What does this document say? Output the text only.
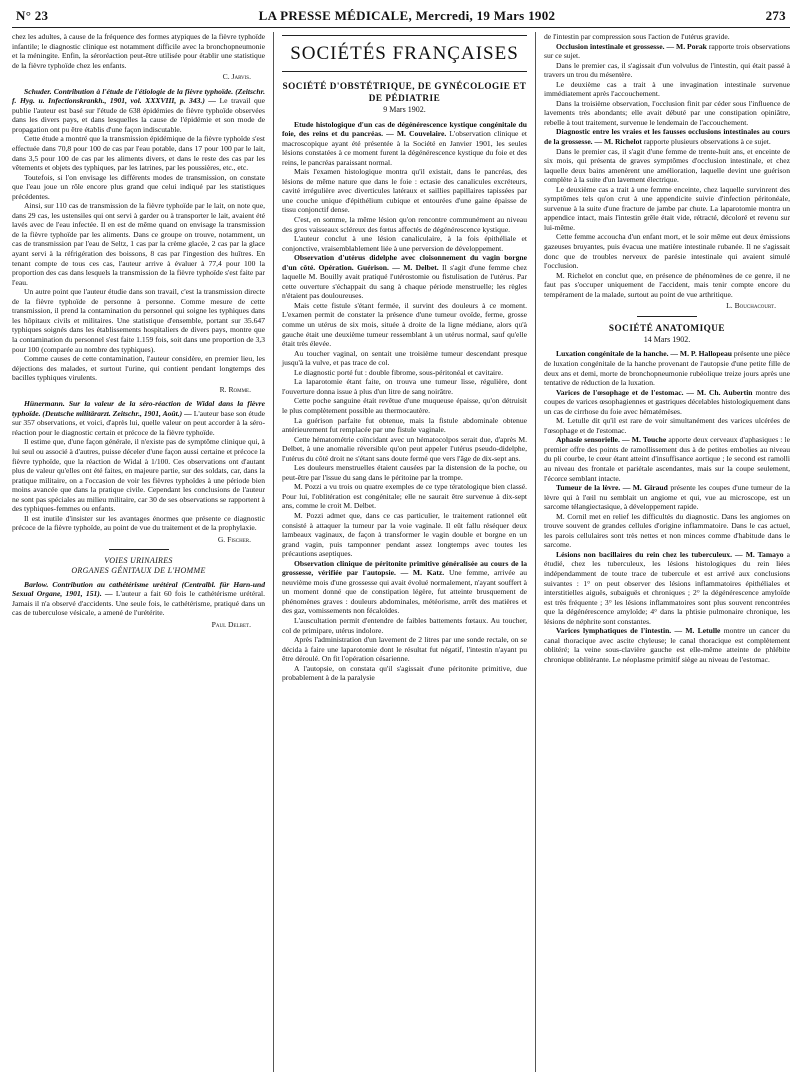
N° 23	LA PRESSE MÉDICALE, Mercredi, 19 Mars 1902	273

chez les adultes, à cause de la fréquence des formes atypiques de la fièvre typhoïde infantile; le diagnostic clinique est notamment difficile avec la bronchopneumonie et la méningite. Enfin, la séroréaction peut-être utilisée pour établir une statistique de la fièvre typhoïde chez les enfants.

C. Jarvis.

Schuder. Contribution à l'étude de l'étiologie de la fièvre typhoïde. (Zeitschr. f. Hyg. u. Infectionskrankh., 1901, vol. XXXVIII, p. 343.) — Le travail que publie l'auteur est basé sur l'étude de 638 épidémies de fièvre typhoïde observées dans les divers pays, et dans lesquelles la cause de l'épidémie et son mode de propagation ont pu être établis d'une façon indiscutable.

Cette étude a montré que la transmission épidémique de la fièvre typhoïde s'est effectuée dans 70,8 pour 100 de cas par l'eau potable, dans 17 pour 100 par le lait, dans 3,5 pour 100 de cas par les aliments divers, et dans le reste des cas par les vêtements et objets des typhiques, par les latrines, par les poussières, etc., etc.

Toutefois, si l'on envisage les différents modes de transmission, on constate que l'eau joue un rôle encore plus grand que celui indiqué par les statistiques précédentes.

Ainsi, sur 110 cas de transmission de la fièvre typhoïde par le lait, on note que, dans 29 cas, les ustensiles qui ont servi à garder ou à transporter le lait, avaient été lavés avec de l'eau infectée. Il en est de même quand on envisage la transmission de la fièvre typhoïde par les aliments. Dans ce groupe on trouve, notamment, un cas de transmission par l'eau de Seltz, 1 cas par la crème glacée, 2 cas par la glace ayant servi à la réfrigération des boissons, 8 cas par l'ingestion des huîtres. En tenant compte de tous ces cas, l'auteur arrive à évaluer à 77,4 pour 100 la proportion des cas dans lesquels la transmission de la fièvre typhoïde s'est faite par l'eau.

Un autre point que l'auteur étudie dans son travail, c'est la transmission directe de la fièvre typhoïde de personne à personne. Comme mesure de cette transmission, il prend la contamination du personnel qui soigne les typhiques dans les hôpitaux civils et militaires. Une statistique d'ensemble, portant sur 35.647 typhiques soignés dans les établissements hospitaliers de divers pays, montre que la contamination du personnel s'est faite 1.159 fois, soit dans une proportion de 3,3 pour 100 (comparée au nombre des typhiques).

Comme causes de cette contamination, l'auteur considère, en premier lieu, les déjections des malades, et surtout l'urine, qui contient pendant longtemps des bacilles typhiques virulents.

R. Romme.

Hünermann. Sur la valeur de la séro-réaction de Widal dans la fièvre typhoïde. (Deutsche militärarzt. Zeitschr., 1901, Août.) — L'auteur base son étude sur 357 observations, et voici, d'après lui, quelle valeur on peut accorder à la séro-réaction pour le diagnostic certain et précoce de la fièvre typhoïde.

Il estime que, d'une façon générale, il n'existe pas de symptôme clinique qui, à lui seul ou associé à d'autres, puisse déceler d'une façon aussi certaine et précoce la fièvre typhoïde, que la réaction de Widal à 1/100. Ces observations ont d'autant plus de valeur qu'elles ont été faites, en majeure partie, sur des soldats, car, dans la pratique militaire, on a l'occasion de voir les fièvres typhoïdes à une période bien moins avancée que dans la pratique civile. Cependant les conclusions de l'auteur ne sont pas spéciales au milieu militaire, car 30 de ses observations se rapportent à des typhiques-femmes ou enfants.

Il est inutile d'insister sur les avantages énormes que présente ce diagnostic précoce de la fièvre typhoïde, au point de vue du traitement et de la prophylaxie.

G. Fischer.
VOIES URINAIRES
ORGANES GÉNITAUX DE L'HOMME

Barlow. Contribution au cathétérisme urétéral (Centralbl. für Harn-und Sexual Organe, 1901, 151). — L'auteur a fait 60 fois le cathétérisme urétéral. Jamais il n'a observé d'accidents. Une seule fois, le cathétérisme, pratiqué dans un cas de tuberculose vésicale, a amené de l'urétérite.

Paul Delbet.
SOCIÉTÉS FRANÇAISES
SOCIÉTÉ D'OBSTÉTRIQUE, DE GYNÉCOLOGIE ET DE PÉDIATRIE
9 Mars 1902.

Etude histologique d'un cas de dégénérescence kystique congénitale du foie, des reins et du pancréas. — M. Couvelaire. L'observation clinique et macroscopique ayant été présentée à la Société en Janvier 1901, les seules lésions constatées à ce moment furent la dégénérescence kystique du foie et des reins, le pancréas paraissant normal.

Mais l'examen histologique montra qu'il existait, dans le pancréas, des lésions de même nature que dans le foie : ectasie des canalicules excréteurs, cavité irrégulière avec diverticules latéraux et saillies papillaires tapissées par une couche unique d'épithélium cubique et entourées d'une gaine épaisse de tissu conjonctif dense.

C'est, en somme, la même lésion qu'on rencontre communément au niveau des gros vaisseaux scléreux des fœtus affectés de dégénérescence kystique.

L'auteur conclut à une lésion canaliculaire, à la fois épithéliale et conjonctive, vraisemblablement liée à une perversion de développement.

Observation d'utérus didelphe avec cloisonnement du vagin borgne d'un côté. Opération. Guérison. — M. Delbet. Il s'agit d'une femme chez laquelle M. Bouilly avait pratiqué l'utérostomie ou fistulisation de l'utérus. Par cette ouverture s'échappait du sang à chaque période menstruelle; les règles n'étaient pas douloureuses.

Mais cette fistule s'étant fermée, il survint des douleurs à ce moment. L'examen permit de constater la présence d'une tumeur ovoïde, ferme, grosse comme un utérus de six mois, située à droite de la ligne médiane, alors qu'à gauche était une deuxième tumeur ressemblant à un utérus normal, sauf qu'elle était très élevée.

Au toucher vaginal, on sentait une troisième tumeur descendant presque jusqu'à la vulve, et pas trace de col.

Le diagnostic porté fut : double fibrome, sous-péritonéal et cavitaire.

La laparotomie étant faite, on trouva une tumeur lisse, régulière, dont l'ouverture donna issue à plus d'un litre de sang noirâtre.

Cette poche sanguine était revêtue d'une muqueuse épaisse, qu'on détruisit le plus complètement possible au thermocautère.

La guérison parfaite fut obtenue, mais la fistule abdominale obtenue antérieurement fut remplacée par une fistule vaginale.

Cette hématométrie coïncidant avec un hématocolpos serait due, d'après M. Delbet, à une anomalie réversible qu'on peut appeler l'utérus pseudo-didelphe, l'utérus du côté droit ne s'étant sans doute fermé que vers l'âge de dix-sept ans.

Les douleurs menstruelles étaient causées par la distension de la poche, ou peut-être par l'issue du sang dans le péritoine par la trompe.

M. Pozzi a vu trois ou quatre exemples de ce type tératologique bien classé. Pour lui, l'oblitération est congénitale; elle ne saurait être survenue à dix-sept ans, comme le croit M. Delbet.

M. Pozzi admet que, dans ce cas particulier, le traitement rationnel eût consisté à attaquer la tumeur par la voie vaginale. Il eût fallu réséquer deux lambeaux vaginaux, de façon à transformer le vagin double et borgne en un grand vagin, puis tamponner pendant assez longtemps avec toutes les précautions aseptiques.

Observation clinique de péritonite primitive généralisée au cours de la grossesse, vérifiée par l'autopsie. — M. Katz. Une femme, arrivée au neuvième mois d'une grossesse qui avait évolué normalement, n'ayant souffert à un moment donné que de constipation légère, fut atteinte brusquement de phénomènes graves : douleurs abdominales, météorisme, arrêt des matières et des gaz, vomissements non fécaloïdes.

L'auscultation permit d'entendre de faibles battements fœtaux. Au toucher, col de primipare, utérus indolore.

Après l'administration d'un lavement de 2 litres par une sonde rectale, on se décida à faire une laparotomie dont le résultat fut négatif, l'intestin n'ayant pu être déroulé. On fit l'opération césarienne.

A l'autopsie, on constata qu'il s'agissait d'une péritonite primitive, due probablement à de la paralysie

de l'intestin par compression sous l'action de l'utérus gravide.

Occlusion intestinale et grossesse. — M. Porak rapporte trois observations sur ce sujet.

Dans le premier cas, il s'agissait d'un volvulus de l'intestin, qui était passé à travers un trou du mésentère.

Le deuxième cas a trait à une invagination intestinale survenue immédiatement après l'accouchement.

Dans la troisième observation, l'occlusion finit par céder sous l'influence de lavements très abondants; elle avait débuté par une constipation opiniâtre, rebelle à tout traitement, survenue le lendemain de l'accouchement.

Diagnostic entre les vraies et les fausses occlusions intestinales au cours de la grossesse. — M. Richelot rapporte plusieurs observations à ce sujet.

Dans le premier cas, il s'agit d'une femme de trente-huit ans, et enceinte de six mois, qui présenta de graves symptômes d'occlusion intestinale, et chez laquelle deux bains amenèrent une amélioration, laquelle devint une guérison complète à la suite d'un lavement électrique.

Le deuxième cas a trait à une femme enceinte, chez laquelle survinrent des symptômes tels qu'on crut à une appendicite suivie d'infection péritonéale, survenue à la suite d'une fracture de jambe par chute. La laparotomie montra un appendice intact, mais l'intestin grêle était vide, rétracté, décoloré et revenu sur lui-même.

Cette femme accoucha d'un enfant mort, et le soir même eut deux émissions gazeuses bruyantes, puis évacua une matière intestinale rubanée. Il ne s'agissait donc que de troubles nerveux de parésie intestinale qui avaient simulé l'occlusion.

M. Richelot en conclut que, en présence de phénomènes de ce genre, il ne faut pas s'occuper uniquement de l'accident, mais tenir compte encore du tempérament de la malade, surtout au point de vue arthritique.

L. Bouchacourt.
SOCIÉTÉ ANATOMIQUE
14 Mars 1902.

Luxation congénitale de la hanche. — M. P. Hallopeau présente une pièce de luxation congénitale de la hanche provenant de l'autopsie d'une petite fille de deux ans et demi, morte de bronchopneumonie rubéolique treize jours après une tentative de réduction de la luxation.

Varices de l'œsophage et de l'estomac. — M. Ch. Aubertin montre des coupes de varices œsophagiennes et gastriques décelables histologiquement dans un cas de cirrhose du foie avec hématémèses.

M. Letulle dit qu'il est rare de voir simultanément des varices ulcérées de l'œsophage et de l'estomac.

Aphasie sensorielle. — M. Touche apporte deux cerveaux d'aphasiques : le premier offre des points de ramollissement dus à de petites embolies au niveau du pli courbe, le cœur étant atteint d'insuffisance aortique ; le second est ramolli au niveau des frontale et pariétale ascendantes, mais sur la coupe seulement, l'écorce semblant intacte.

Tumeur de la lèvre. — M. Giraud présente les coupes d'une tumeur de la lèvre qui à l'œil nu semblait un angiome et qui, vue au microscope, est un sarcome télangiectasique, à développement rapide.

M. Cornil met en relief les difficultés du diagnostic. Dans les angiomes on trouve souvent de grandes cellules d'origine inflammatoire. Dans le cas actuel, les parois cellulaires sont très nettes et non minces comme d'habitude dans le sarcome.

Lésions non bacillaires du rein chez les tuberculeux. — M. Tamayo a étudié, chez les tuberculeux, les lésions histologiques du rein liées indépendamment de toute trace de tubercule et est arrivé aux conclusions suivantes : 1° on peut observer des lésions inflammatoires épithéliales et interstitielles aiguës, subaiguës et chroniques ; 2° la dégénérescence amyloïde est très fréquente ; 3° les lésions inflammatoires sont plus souvent rencontrées que la dégénérescence amyloïde; 4° dans la phtisie pulmonaire chronique, les lésions de néphrite sont constantes.

Varices lymphatiques de l'intestin. — M. Letulle montre un cancer du canal thoracique avec ascite chyleuse; le canal thoracique est complètement oblitéré; la veine sous-clavière gauche est elle-même atteinte de phlébite chronique oblitérante. Le néoplasme primitif siège au niveau de l'estomac.
